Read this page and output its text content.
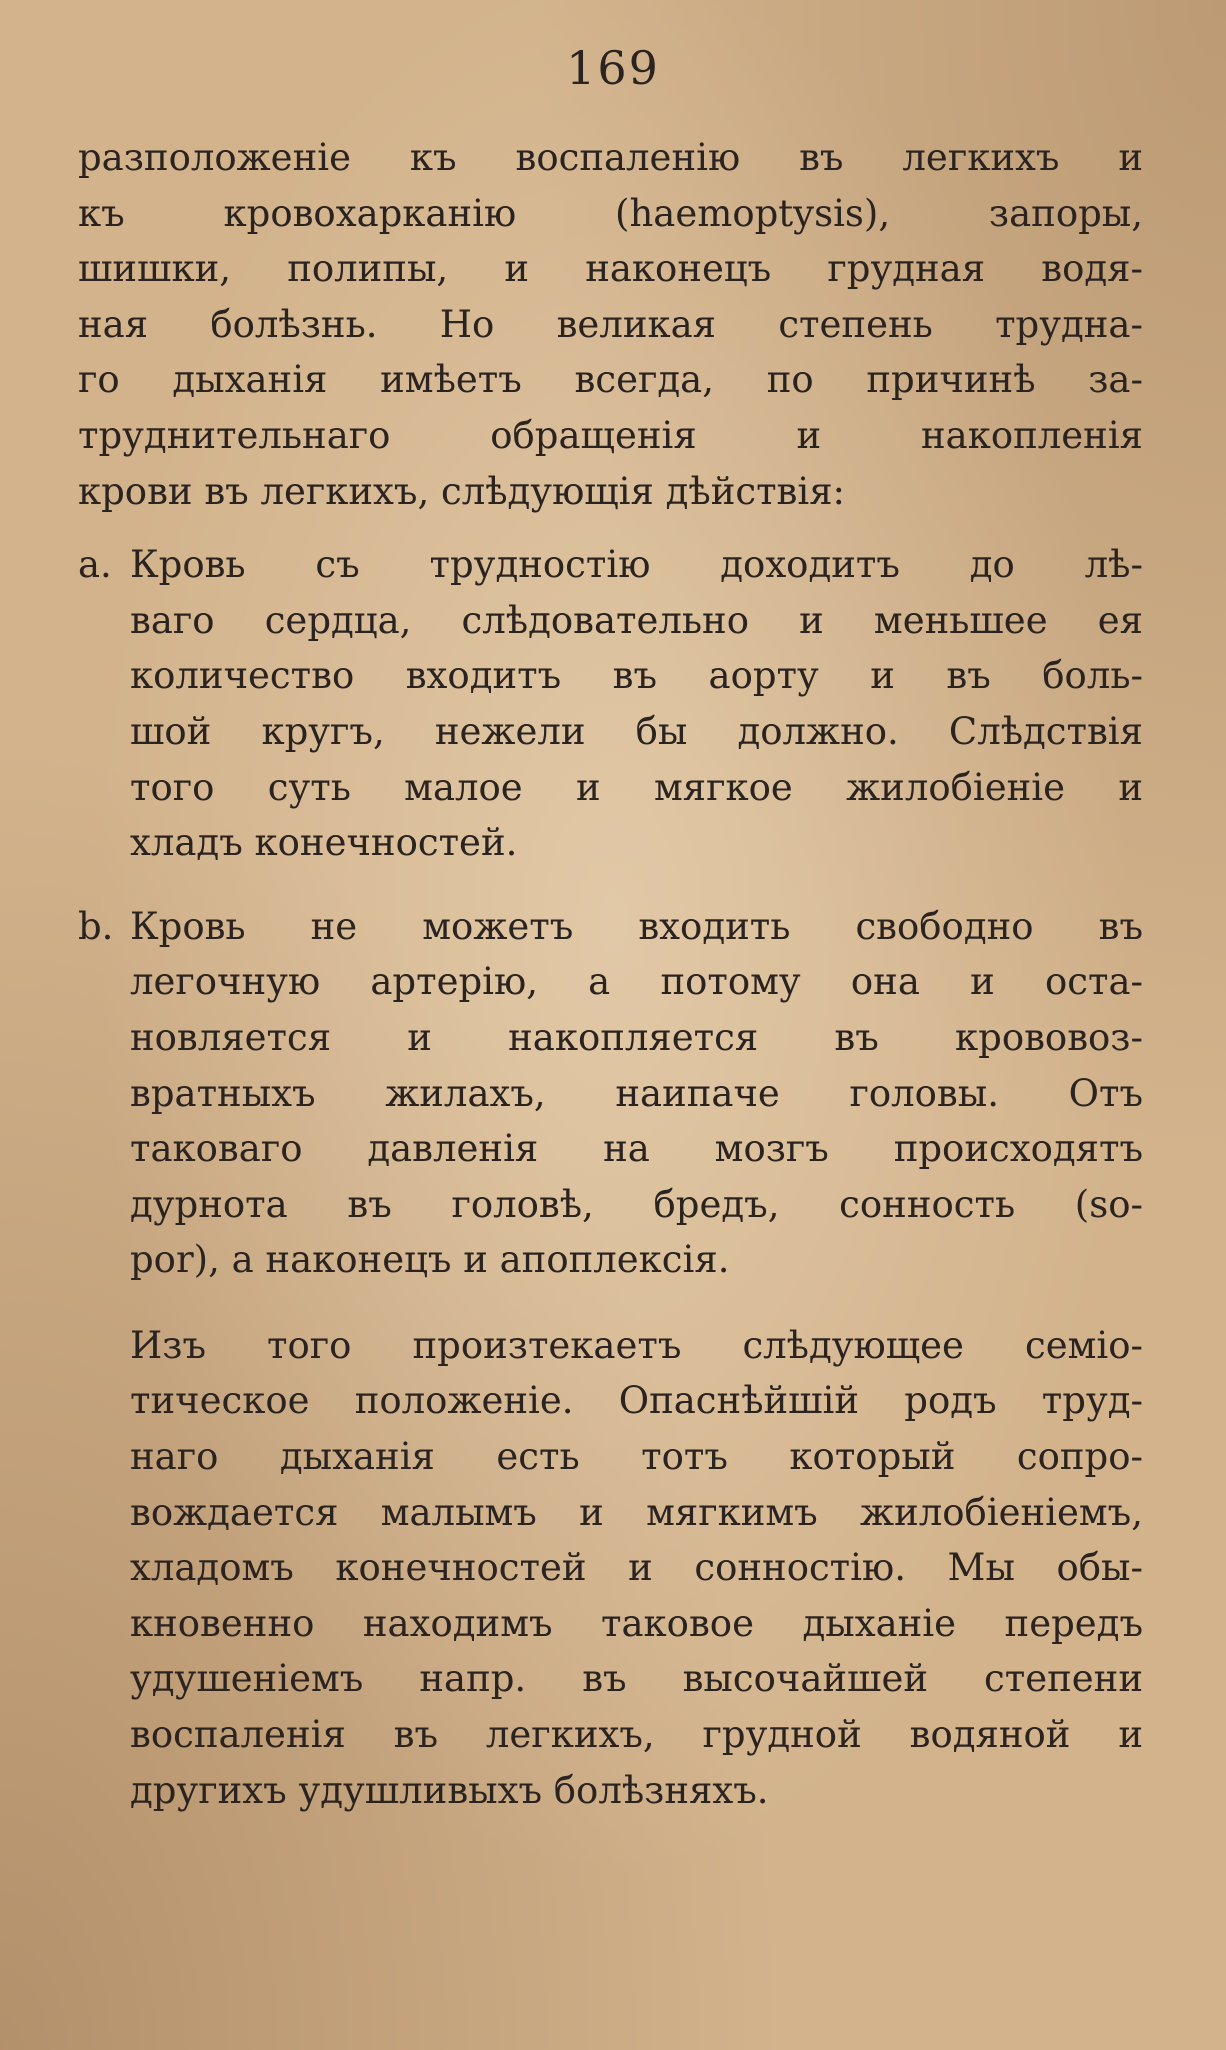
169

разположеніе къ воспаленію въ легкихъ и
къ кровохарканію (haemoptysis), запоры,
шишки, полипы, и наконецъ грудная водя-
ная болѣзнь. Но великая степень трудна-
го дыханія имѣетъ всегда, по причинѣ за-
труднительнаго обращенія и накопленія
крови въ легкихъ, слѣдующія дѣйствія:

a. Кровь съ трудностію доходитъ до лѣ-
ваго сердца, слѣдовательно и меньшее ея
количество входитъ въ аорту и въ боль-
шой кругъ, нежели бы должно. Слѣдствія
того суть малое и мягкое жилобіеніе и
хладъ конечностей.

b. Кровь не можетъ входить свободно въ
легочную артерію, а потому она и оста-
новляется и накопляется въ крововоз-
вратныхъ жилахъ, наипаче головы. Отъ
таковаго давленія на мозгъ происходятъ
дурнота въ головѣ, бредъ, сонность (so-
por), а наконецъ и апоплексія.

Изъ того произтекаетъ слѣдующее семіо-
тическое положеніе. Опаснѣйшій родъ труд-
наго дыханія есть тотъ который сопро-
вождается малымъ и мягкимъ жилобіеніемъ,
хладомъ конечностей и сонностію. Мы обы-
кновенно находимъ таковое дыханіе передъ
удушеніемъ напр. въ высочайшей степени
воспаленія въ легкихъ, грудной водяной и
другихъ удушливыхъ болѣзняхъ.
